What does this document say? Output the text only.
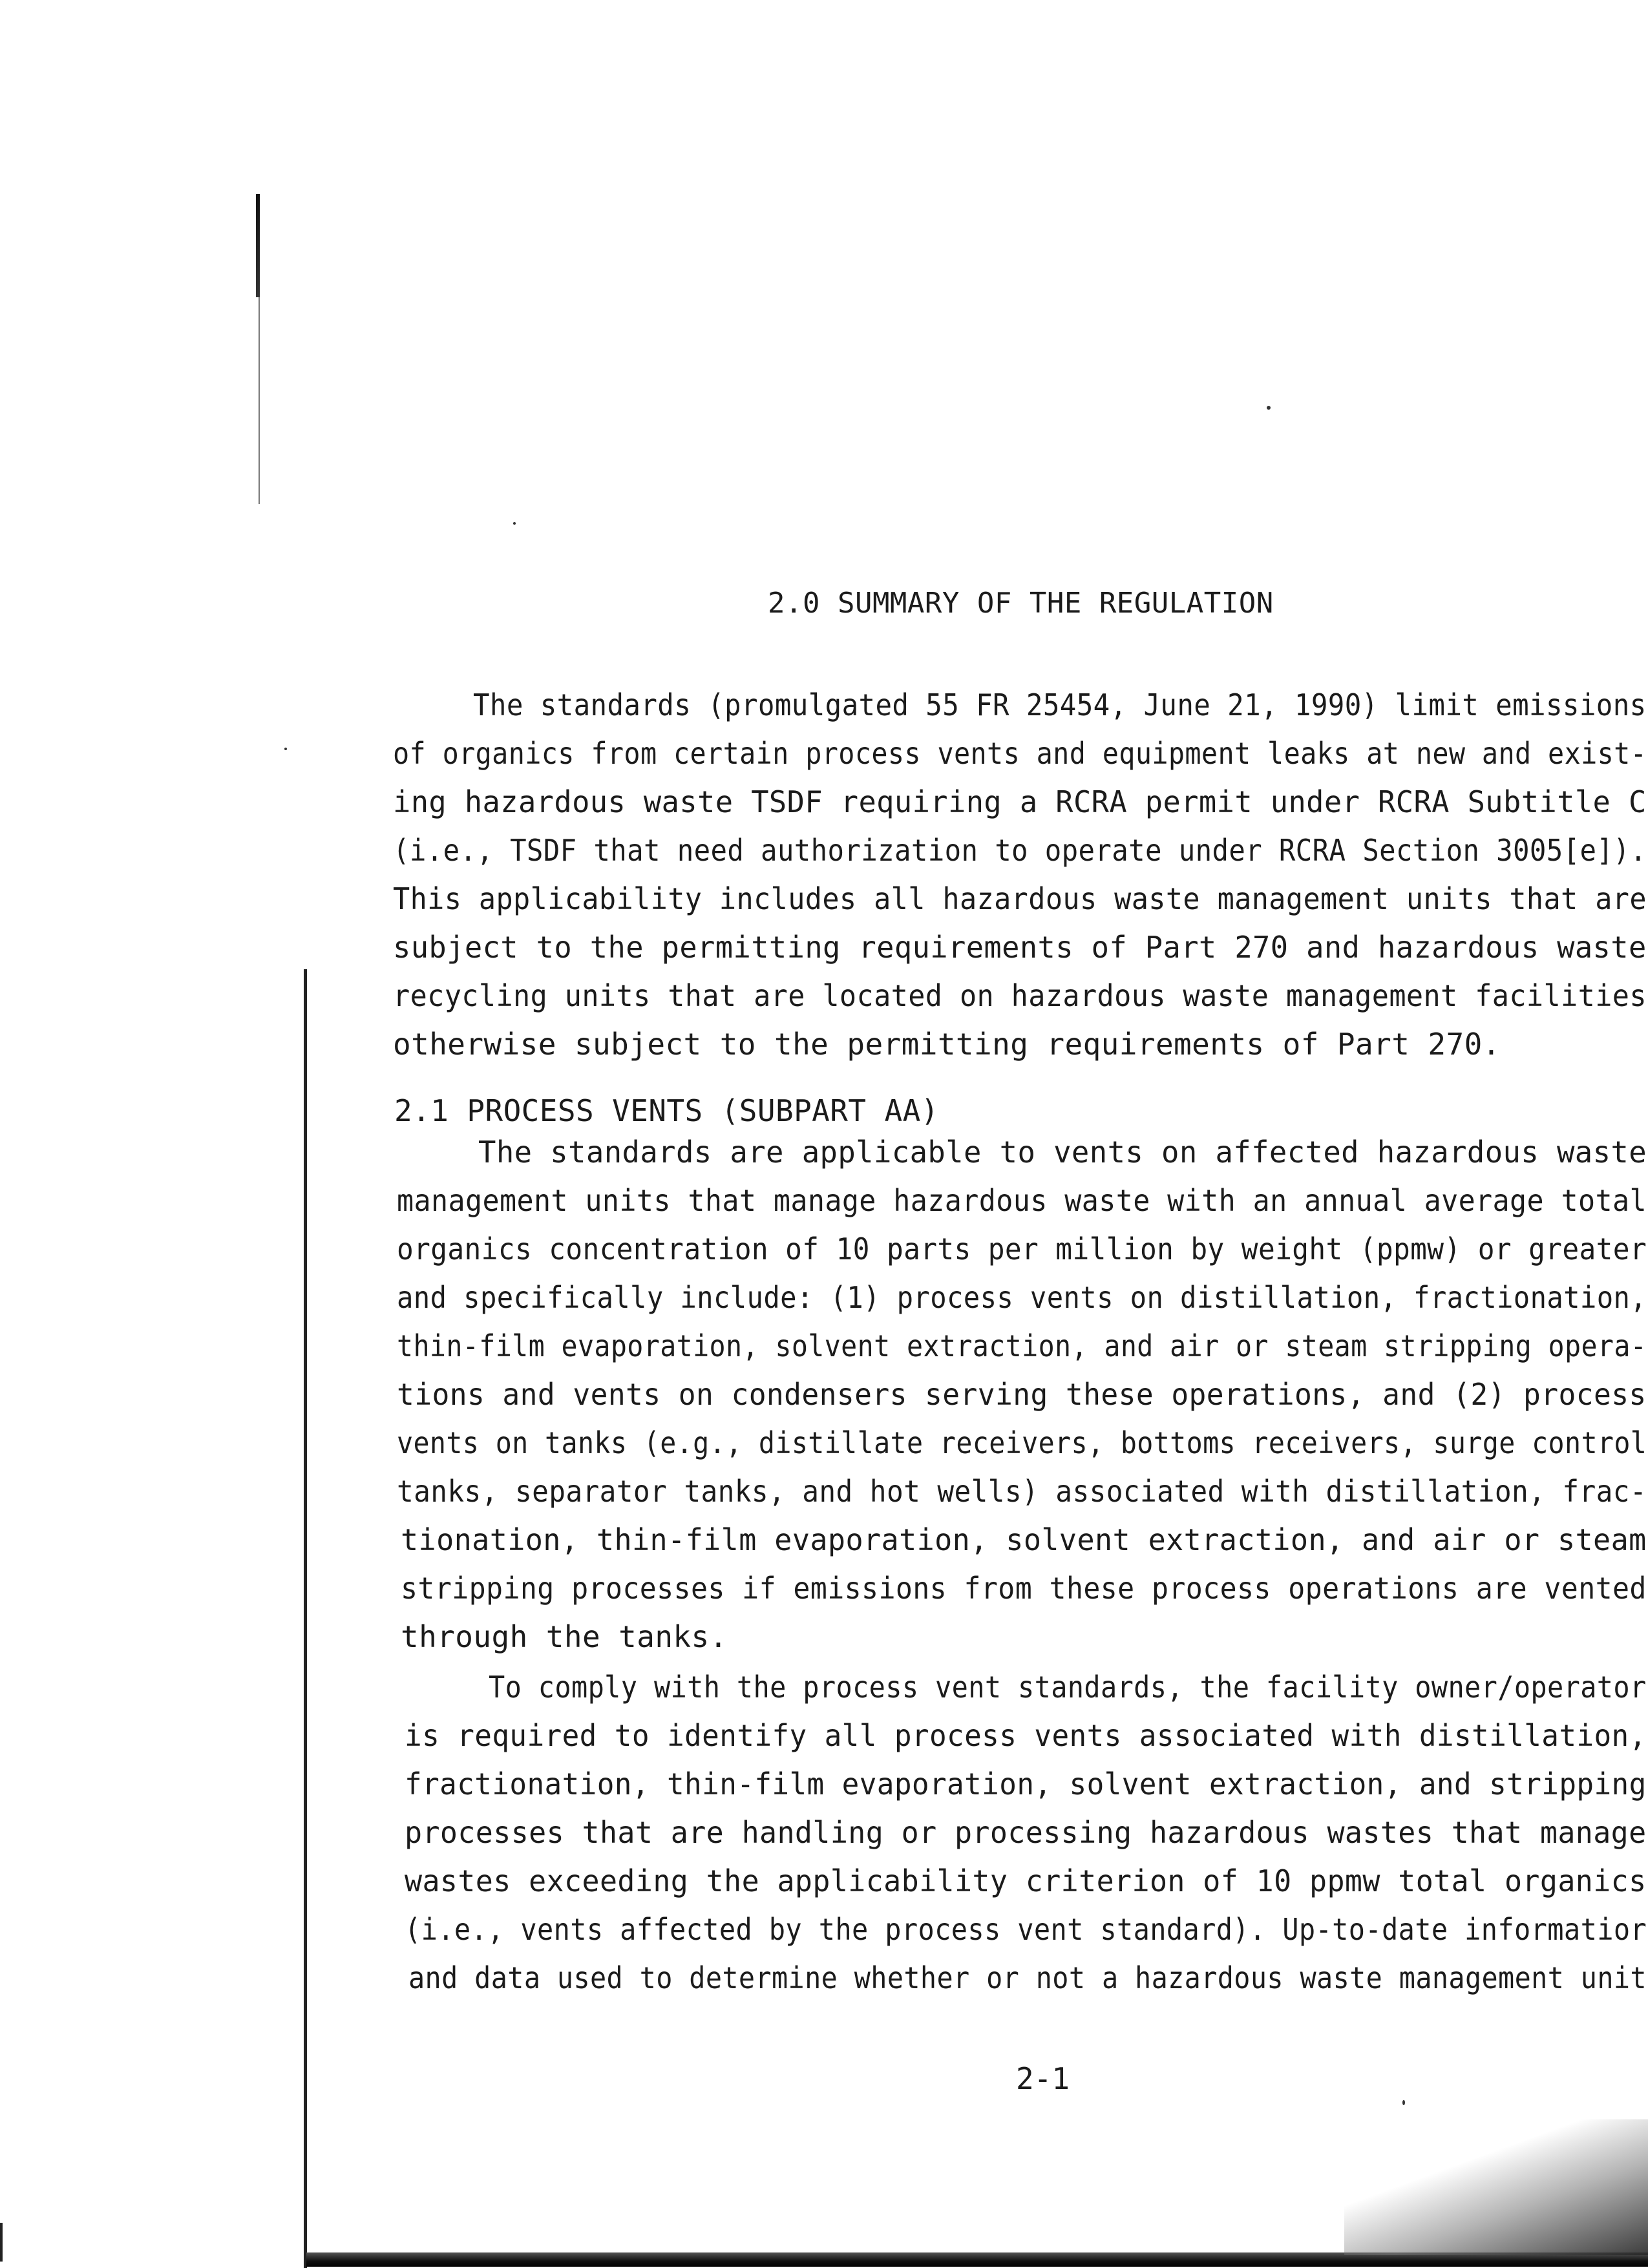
2.0 SUMMARY OF THE REGULATION
The standards (promulgated 55 FR 25454, June 21, 1990) limit emissions
of organics from certain process vents and equipment leaks at new and exist-
ing hazardous waste TSDF requiring a RCRA permit under RCRA Subtitle C
(i.e., TSDF that need authorization to operate under RCRA Section 3005[e]).
This applicability includes all hazardous waste management units that are
subject to the permitting requirements of Part 270 and hazardous waste
recycling units that are located on hazardous waste management facilities
otherwise subject to the permitting requirements of Part 270.
2.1 PROCESS VENTS (SUBPART AA)
The standards are applicable to vents on affected hazardous waste
management units that manage hazardous waste with an annual average total
organics concentration of 10 parts per million by weight (ppmw) or greater
and specifically include: (1) process vents on distillation, fractionation,
thin-film evaporation, solvent extraction, and air or steam stripping opera-
tions and vents on condensers serving these operations, and (2) process
vents on tanks (e.g., distillate receivers, bottoms receivers, surge control
tanks, separator tanks, and hot wells) associated with distillation, frac-
tionation, thin-film evaporation, solvent extraction, and air or steam
stripping processes if emissions from these process operations are vented
through the tanks.
To comply with the process vent standards, the facility owner/operator
is required to identify all process vents associated with distillation,
fractionation, thin-film evaporation, solvent extraction, and stripping
processes that are handling or processing hazardous wastes that manage
wastes exceeding the applicability criterion of 10 ppmw total organics
(i.e., vents affected by the process vent standard). Up-to-date informatior
and data used to determine whether or not a hazardous waste management unit
2-1
